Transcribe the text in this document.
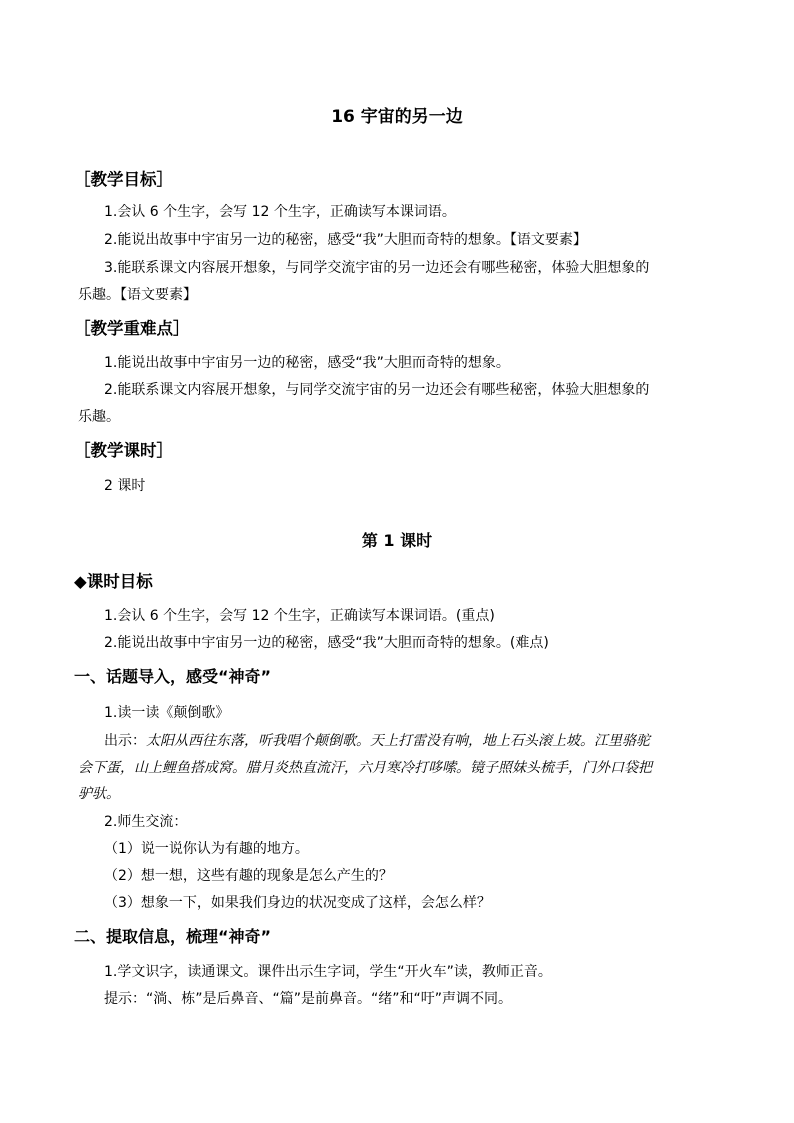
16 宇宙的另一边
［教学目标］
1.会认 6 个生字，会写 12 个生字，正确读写本课词语。
2.能说出故事中宇宙另一边的秘密，感受“我”大胆而奇特的想象。【语文要素】
3.能联系课文内容展开想象，与同学交流宇宙的另一边还会有哪些秘密，体验大胆想象的
乐趣。【语文要素】
［教学重难点］
1.能说出故事中宇宙另一边的秘密，感受“我”大胆而奇特的想象。
2.能联系课文内容展开想象，与同学交流宇宙的另一边还会有哪些秘密，体验大胆想象的
乐趣。
［教学课时］
2 课时
第 1 课时
◆课时目标
1.会认 6 个生字，会写 12 个生字，正确读写本课词语。(重点)
2.能说出故事中宇宙另一边的秘密，感受“我”大胆而奇特的想象。(难点)
一、话题导入，感受“神奇”
1.读一读《颠倒歌》
出示：太阳从西往东落，听我唱个颠倒歌。天上打雷没有响，地上石头滚上坡。江里骆驼
会下蛋，山上鲤鱼搭成窝。腊月炎热直流汗，六月寒冷打哆嗦。镜子照妹头梳手，门外口袋把
驴驮。
2.师生交流：
（1）说一说你认为有趣的地方。
（2）想一想，这些有趣的现象是怎么产生的？
（3）想象一下，如果我们身边的状况变成了这样，会怎么样？
二、提取信息，梳理“神奇”
1.学文识字，读通课文。课件出示生字词，学生“开火车”读，教师正音。
提示：“淌、栋”是后鼻音、“篇”是前鼻音。“绪”和“吁”声调不同。
